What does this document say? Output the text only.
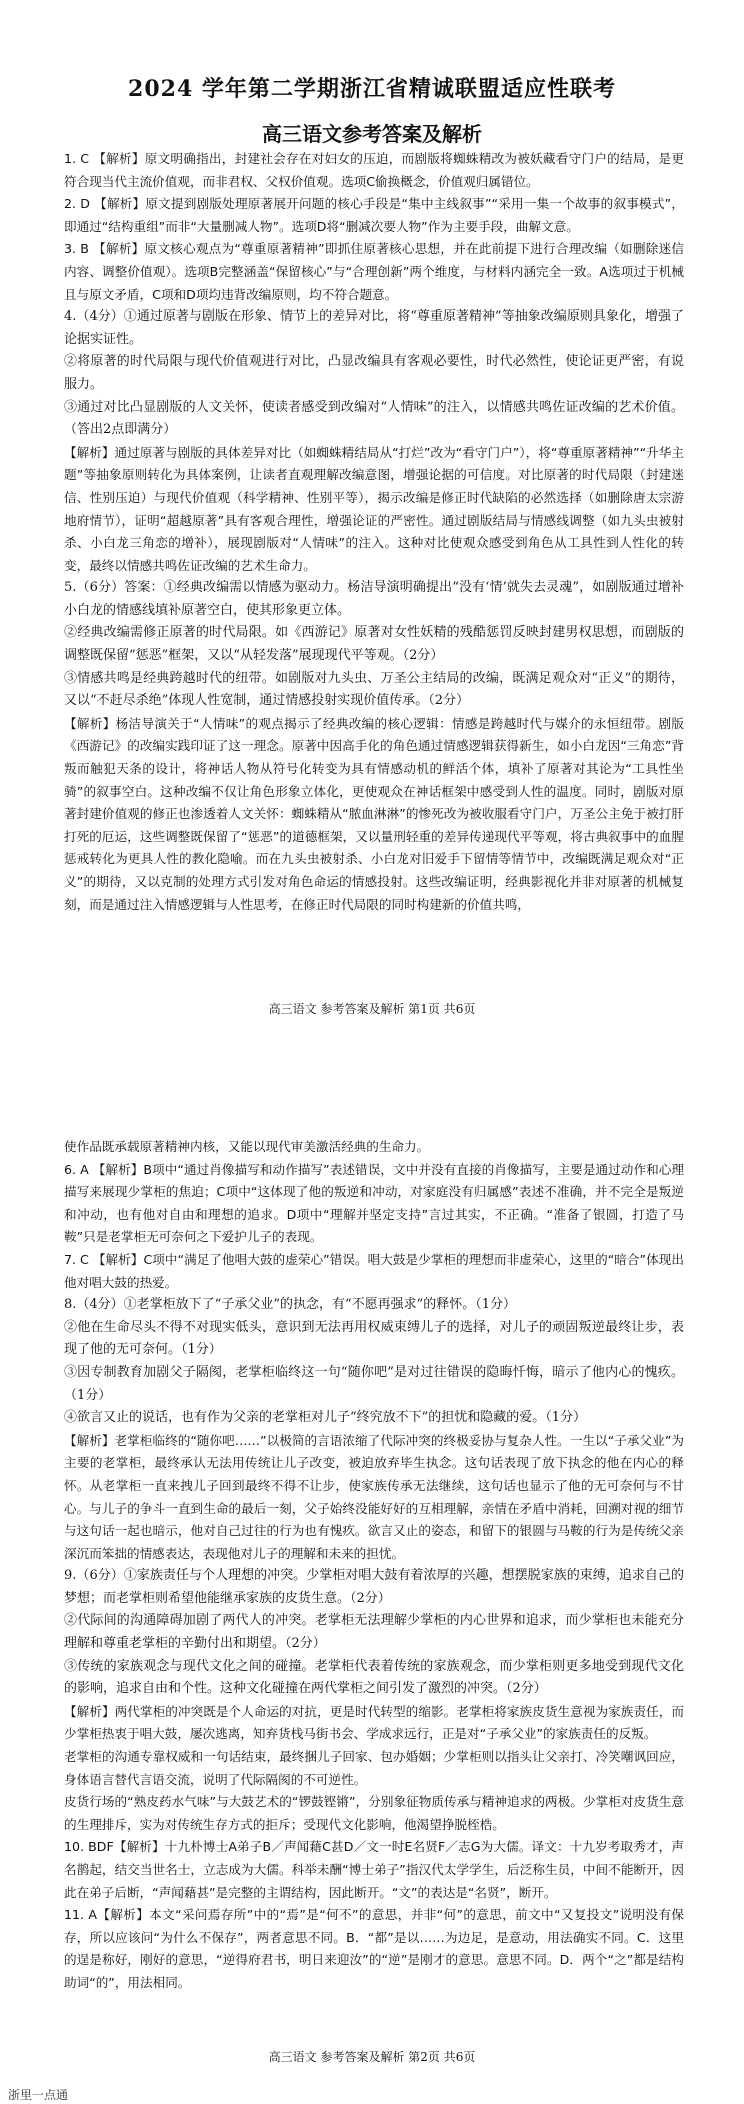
2024 学年第二学期浙江省精诚联盟适应性联考
高三语文参考答案及解析

1. C 【解析】原文明确指出，封建社会存在对妇女的压迫，而剧版将蜘蛛精改为被妖藏看守门户的结局，是更符合现当代主流价值观，而非君权、父权价值观。选项C偷换概念，价值观归属错位。

2. D 【解析】原文提到剧版处理原著展开问题的核心手段是“集中主线叙事”“采用一集一个故事的叙事模式”，即通过“结构重组”而非“大量删减人物”。选项D将“删减次要人物”作为主要手段，曲解文意。

3. B 【解析】原文核心观点为“尊重原著精神”即抓住原著核心思想，并在此前提下进行合理改编（如删除迷信内容、调整价值观）。选项B完整涵盖“保留核心”与“合理创新”两个维度，与材料内涵完全一致。A选项过于机械且与原文矛盾，C项和D项均违背改编原则，均不符合题意。

4.（4分）①通过原著与剧版在形象、情节上的差异对比，将“尊重原著精神”等抽象改编原则具象化，增强了论据实证性。

②将原著的时代局限与现代价值观进行对比，凸显改编具有客观必要性，时代必然性，使论证更严密，有说服力。

③通过对比凸显剧版的人文关怀，使读者感受到改编对“人情味”的注入，以情感共鸣佐证改编的艺术价值。（答出2点即满分）

【解析】通过原著与剧版的具体差异对比（如蜘蛛精结局从“打烂”改为“看守门户”），将“尊重原著精神”“升华主题”等抽象原则转化为具体案例，让读者直观理解改编意图，增强论据的可信度。对比原著的时代局限（封建迷信、性别压迫）与现代价值观（科学精神、性别平等），揭示改编是修正时代缺陷的必然选择（如删除唐太宗游地府情节），证明“超越原著”具有客观合理性，增强论证的严密性。通过剧版结局与情感线调整（如九头虫被射杀、小白龙三角恋的增补），展现剧版对“人情味”的注入。这种对比使观众感受到角色从工具性到人性化的转变，最终以情感共鸣佐证改编的艺术生命力。

5.（6分）答案：①经典改编需以情感为驱动力。杨洁导演明确提出“没有‘情’就失去灵魂”，如剧版通过增补小白龙的情感线填补原著空白，使其形象更立体。

②经典改编需修正原著的时代局限。如《西游记》原著对女性妖精的残酷惩罚反映封建男权思想，而剧版的调整既保留“惩恶”框架，又以“从轻发落”展现现代平等观。（2分）

③情感共鸣是经典跨越时代的纽带。如剧版对九头虫、万圣公主结局的改编，既满足观众对“正义”的期待，又以“不赶尽杀绝”体现人性宽制，通过情感投射实现价值传承。（2分）

【解析】杨洁导演关于“人情味”的观点揭示了经典改编的核心逻辑：情感是跨越时代与媒介的永恒纽带。剧版《西游记》的改编实践印证了这一理念。原著中因高手化的角色通过情感逻辑获得新生，如小白龙因“三角恋”背叛而触犯天条的设计，将神话人物从符号化转变为具有情感动机的鲜活个体，填补了原著对其论为“工具性坐骑”的叙事空白。这种改编不仅让角色形象立体化，更使观众在神话框架中感受到人性的温度。同时，剧版对原著封建价值观的修正也渗透着人文关怀：蜘蛛精从“脓血淋淋”的惨死改为被收服看守门户，万圣公主免于被打肝打死的厄运，这些调整既保留了“惩恶”的道德框架，又以量刑轻重的差异传递现代平等观，将古典叙事中的血腥惩戒转化为更具人性的教化隐喻。而在九头虫被射杀、小白龙对旧爱手下留情等情节中，改编既满足观众对“正义”的期待，又以克制的处理方式引发对角色命运的情感投射。这些改编证明，经典影视化并非对原著的机械复刻，而是通过注入情感逻辑与人性思考，在修正时代局限的同时构建新的价值共鸣，

高三语文 参考答案及解析 第1页 共6页

使作品既承载原著精神内核，又能以现代审美激活经典的生命力。

6. A 【解析】B项中“通过肖像描写和动作描写”表述错误，文中并没有直接的肖像描写，主要是通过动作和心理描写来展现少掌柜的焦迫；C项中“这体现了他的叛逆和冲动，对家庭没有归属感”表述不准确，并不完全是叛逆和冲动，也有他对自由和理想的追求。D项中“理解并坚定支持”言过其实，不正确。“准备了银圆，打造了马鞍”只是老掌柜无可奈何之下爱护儿子的表现。

7. C 【解析】C项中“满足了他唱大鼓的虚荣心”错误。唱大鼓是少掌柜的理想而非虚荣心，这里的“暗合”体现出他对唱大鼓的热爱。

8.（4分）①老掌柜放下了“子承父业”的执念，有“不愿再强求”的释怀。（1分）

②他在生命尽头不得不对现实低头，意识到无法再用权威束缚儿子的选择，对儿子的顽固叛逆最终让步，表现了他的无可奈何。（1分）

③因专制教育加剧父子隔阂，老掌柜临终这一句“随你吧”是对过往错误的隐晦忏悔，暗示了他内心的愧疚。（1分）

④欲言又止的说话，也有作为父亲的老掌柜对儿子“终究放不下”的担忧和隐藏的爱。（1分）

【解析】老掌柜临终的“随你吧……”以极简的言语浓缩了代际冲突的终极妥协与复杂人性。一生以“子承父业”为主要的老掌柜，最终承认无法用传统让儿子改变，被迫放弃毕生执念。这句话表现了放下执念的他在内心的释怀。从老掌柜一直来拽儿子回到最终不得不让步，使家族传承无法继续，这句话也显示了他的无可奈何与不甘心。与儿子的争斗一直到生命的最后一刻，父子始终没能好好的互相理解，亲情在矛盾中消耗，回溯对视的细节与这句话一起也暗示，他对自己过往的行为也有愧疚。欲言又止的姿态，和留下的银圆与马鞍的行为是传统父亲深沉而笨拙的情感表达，表现他对儿子的理解和未来的担忧。

9.（6分）①家族责任与个人理想的冲突。少掌柜对唱大鼓有着浓厚的兴趣，想摆脱家族的束缚，追求自己的梦想；而老掌柜则希望他能继承家族的皮货生意。（2分）

②代际间的沟通障碍加剧了两代人的冲突。老掌柜无法理解少掌柜的内心世界和追求，而少掌柜也未能充分理解和尊重老掌柜的辛勤付出和期望。（2分）

③传统的家族观念与现代文化之间的碰撞。老掌柜代表着传统的家族观念，而少掌柜则更多地受到现代文化的影响，追求自由和个性。这种文化碰撞在两代掌柜之间引发了激烈的冲突。（2分）

【解析】两代掌柜的冲突既是个人命运的对抗，更是时代转型的缩影。老掌柜将家族皮货生意视为家族责任，而少掌柜热衷于唱大鼓，屡次逃离，知弃货栈马街书会、学成求远行，正是对“子承父业”的家族责任的反叛。

老掌柜的沟通专靠权威和一句话结束，最终捆儿子回家、包办婚姻；少掌柜则以指头让父亲打、冷笑嘲讽回应，身体语言替代言语交流，说明了代际隔阂的不可逆性。

皮货行场的“熟皮药水气味”与大鼓艺术的“锣鼓铿锵”，分别象征物质传承与精神追求的两极。少掌柜对皮货生意的生理排斥，实为对传统生存方式的拒斥；受现代文化影响，他渴望挣脱桎梏。

10. BDF【解析】十九朴博士A弟子B／声闻藉C甚D／文一时E名贤F／志G为大儒。译文：十九岁考取秀才，声名鹊起，结交当世名士，立志成为大儒。科举未酬“博士弟子”指汉代太学学生，后泛称生员，中间不能断开，因此在弟子后断，“声闻藉甚”是完整的主谓结构，因此断开。“文”的表达是“名贤”，断开。

11. A【解析】本文“采问焉存所”中的“焉”是“何不”的意思，并非“何”的意思，前文中“又复投文”说明没有保存，所以应该问“为什么不保存”，两者意思不同。B．“都”是以……为边足，是意动，用法确实不同。C．这里的逞是称好，刚好的意思，“逆得府君书，明日来迎汝”的“逆”是刚才的意思。意思不同。D．两个“之”都是结构助词“的”，用法相同。

高三语文 参考答案及解析 第2页 共6页
浙里一点通
